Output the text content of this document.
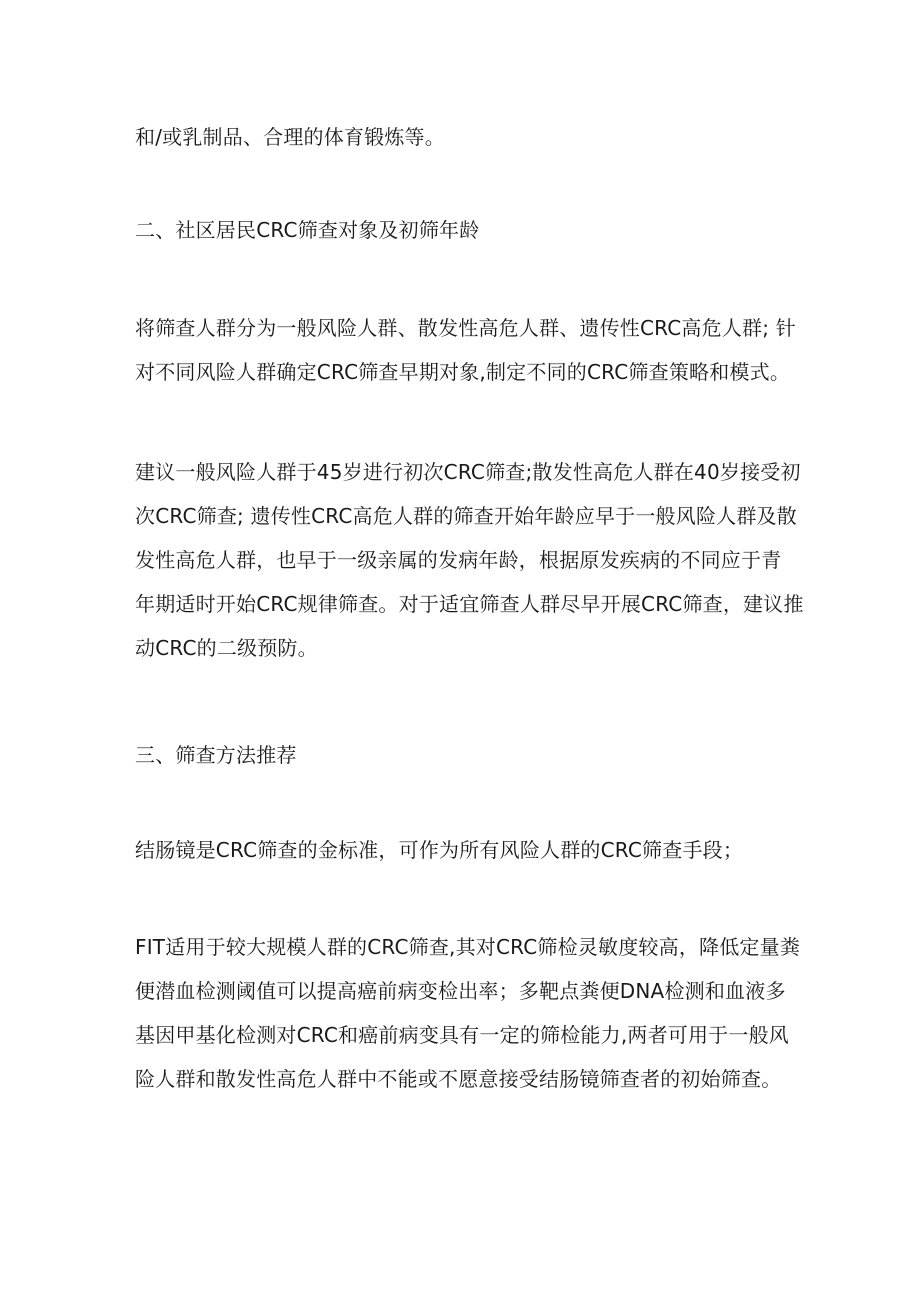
和/或乳制品、合理的体育锻炼等。

二、社区居民CRC筛查对象及初筛年龄

将筛查人群分为一般风险人群、散发性高危人群、遗传性CRC高危人群; 针
对不同风险人群确定CRC筛查早期对象,制定不同的CRC筛查策略和模式。

建议一般风险人群于45岁进行初次CRC筛查;散发性高危人群在40岁接受初
次CRC筛查; 遗传性CRC高危人群的筛查开始年龄应早于一般风险人群及散
发性高危人群，也早于一级亲属的发病年龄，根据原发疾病的不同应于青
年期适时开始CRC规律筛查。对于适宜筛查人群尽早开展CRC筛查，建议推
动CRC的二级预防。

三、筛查方法推荐

结肠镜是CRC筛查的金标准，可作为所有风险人群的CRC筛查手段；

FIT适用于较大规模人群的CRC筛查,其对CRC筛检灵敏度较高，降低定量粪
便潜血检测阈值可以提高癌前病变检出率；多靶点粪便DNA检测和血液多
基因甲基化检测对CRC和癌前病变具有一定的筛检能力,两者可用于一般风
险人群和散发性高危人群中不能或不愿意接受结肠镜筛查者的初始筛查。
